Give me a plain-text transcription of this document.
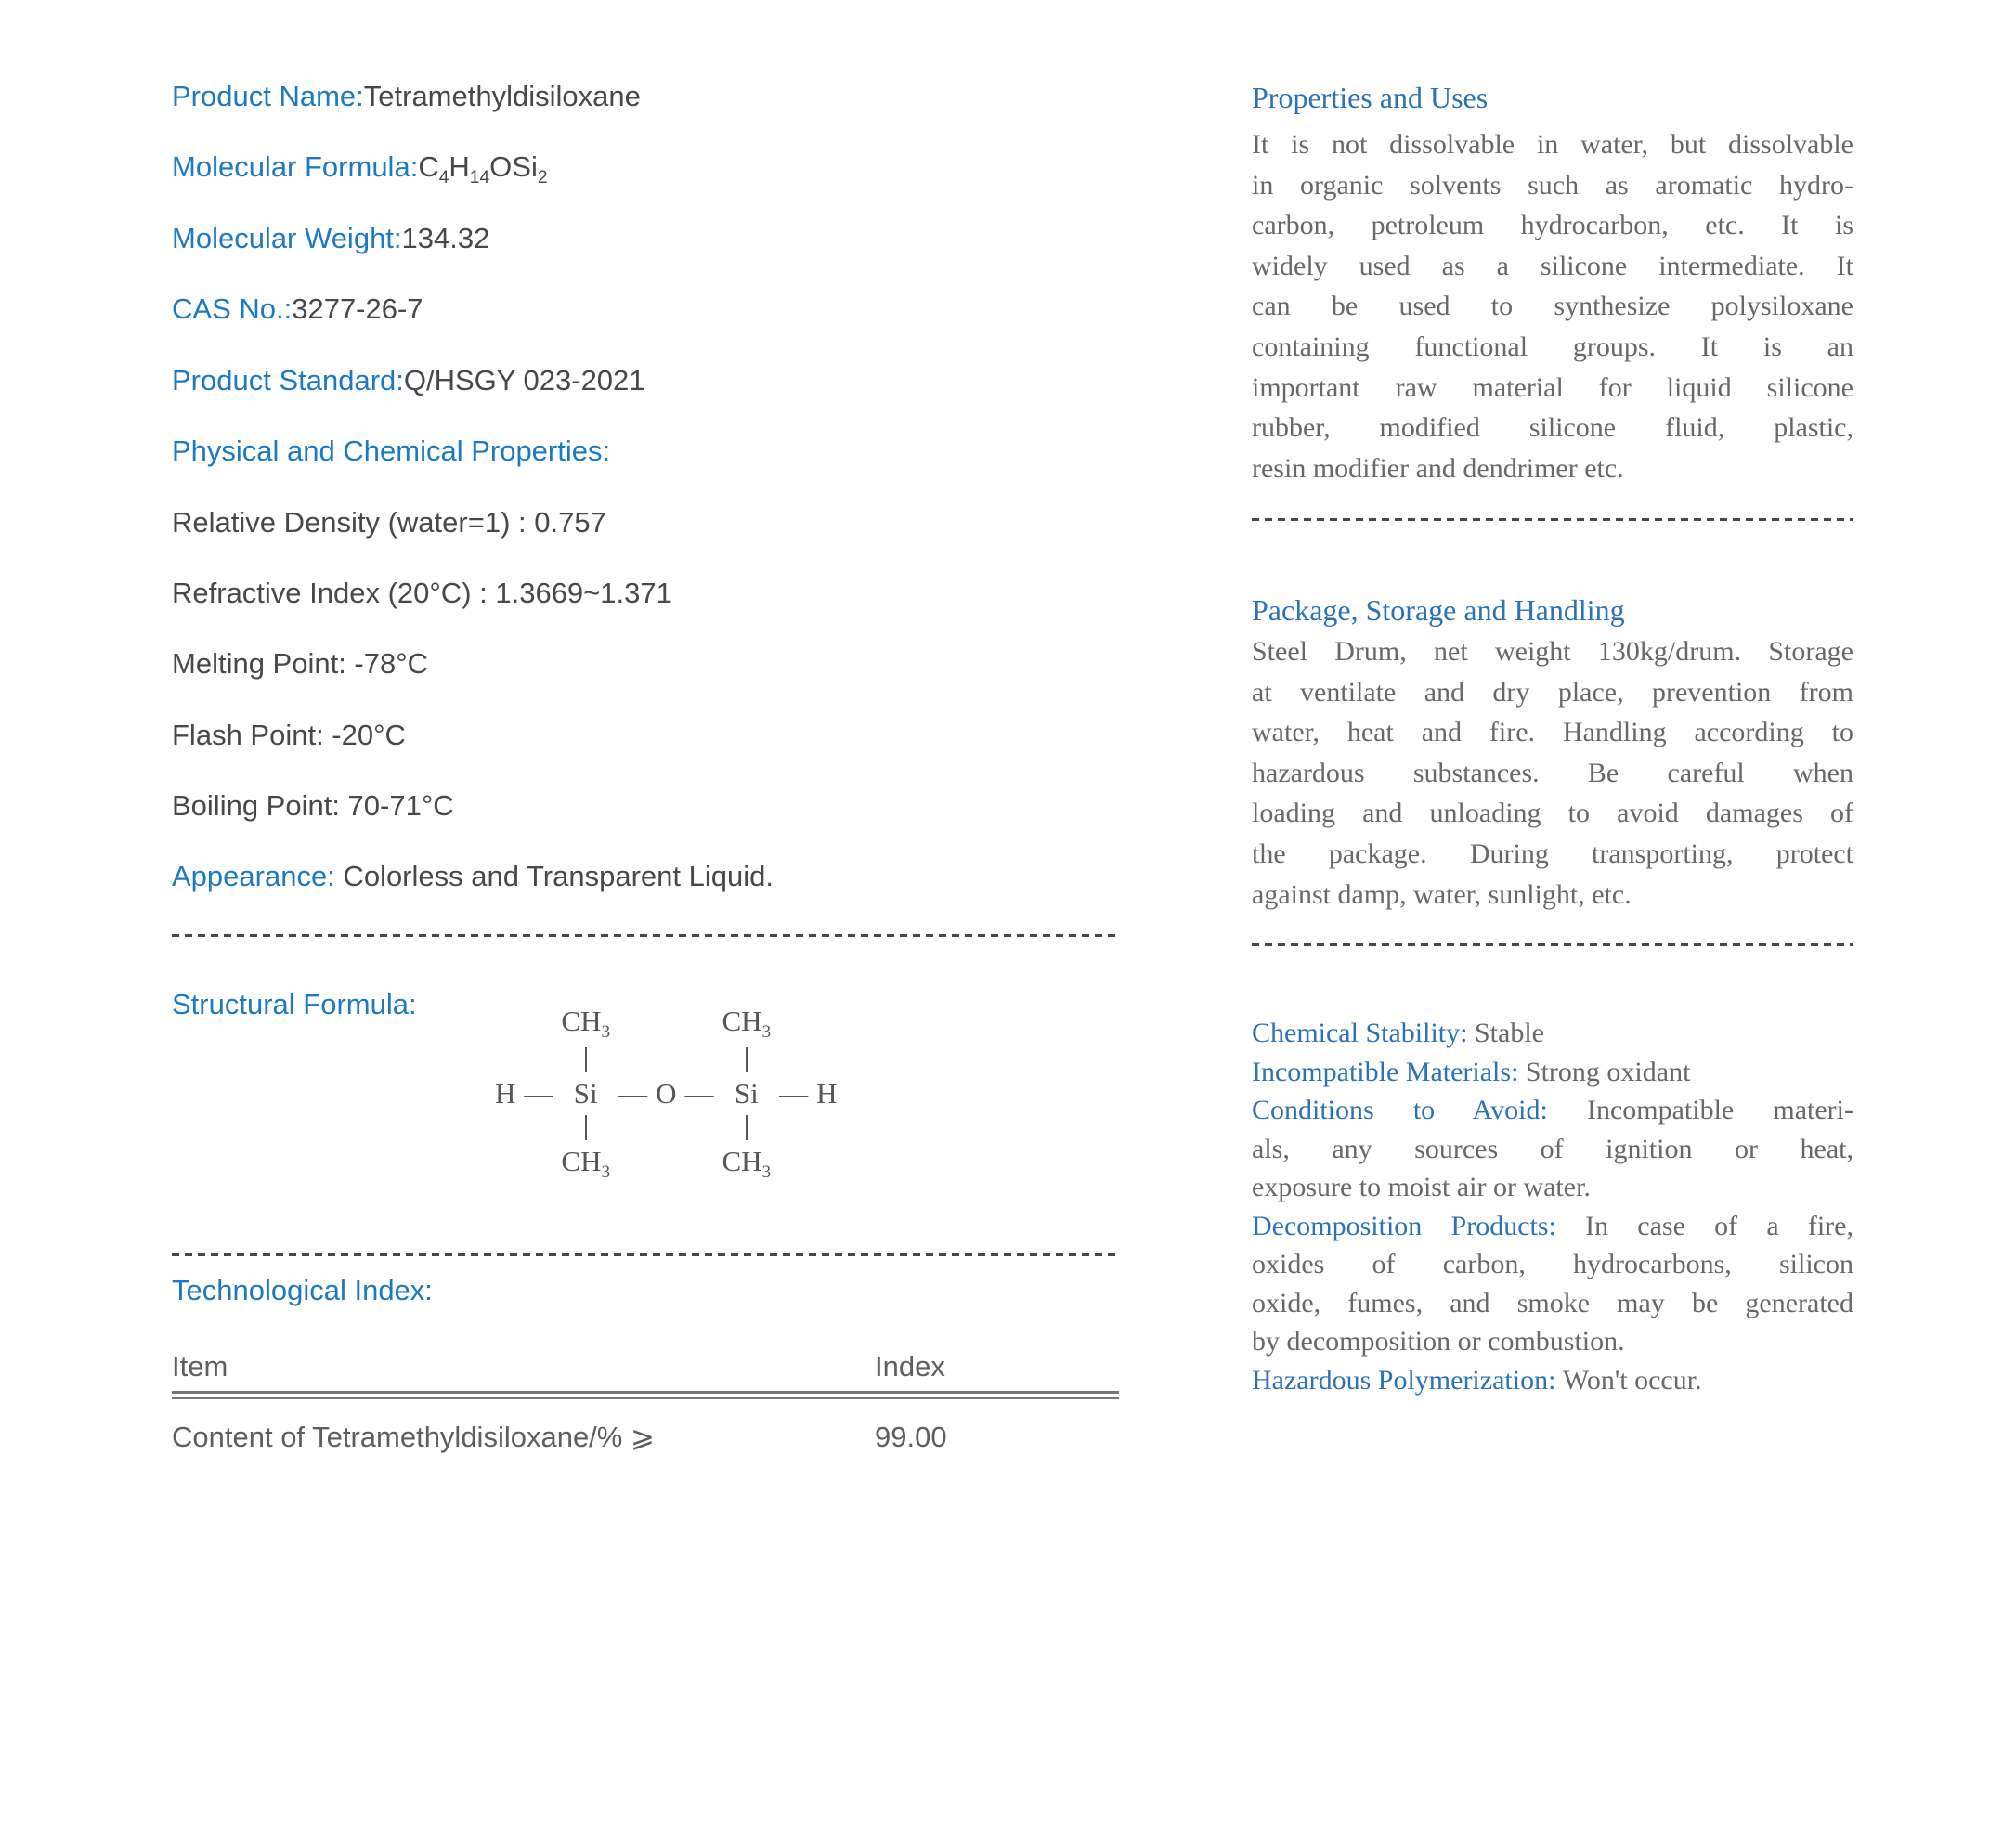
Product Name:Tetramethyldisiloxane

Molecular $Formula:C_4H_{14}OSi_2$

Molecular Weight:134.32

CAS No.:3277-26-7

Product Standard:Q/HSGY 023-2021

Physical and Chemical Properties:

Relative Density (water=1) : 0.757

Refractive Index (20°C) : 1.3669~1.371

Melting Point: -78°C

Flash Point: -20°C

Boiling Point: 70-71°C

Appearance: Colorless and Transparent Liquid.

Structural Formula:

H —
$CH_3$
Si
$CH_3$
— O —
$CH_3$
Si
$CH_3$
— H

Technological Index:

Item	Index
Content of Tetramethyldisiloxane/% ⩾	99.00
Properties and Uses
It is not dissolvable in water, but dissolvable
in organic solvents such as aromatic hydro-
carbon, petroleum hydrocarbon, etc. It is
widely used as a silicone intermediate. It
can be used to synthesize polysiloxane
containing functional groups. It is an
important raw material for liquid silicone
rubber, modified silicone fluid, plastic,
resin modifier and dendrimer etc.
Package, Storage and Handling
Steel Drum, net weight 130kg/drum. Storage
at ventilate and dry place, prevention from
water, heat and fire. Handling according to
hazardous substances. Be careful when
loading and unloading to avoid damages of
the package. During transporting, protect
against damp, water, sunlight, etc.
Chemical Stability: Stable
Incompatible Materials: Strong oxidant
Conditions to Avoid: Incompatible materi-
als, any sources of ignition or heat,
exposure to moist air or water.
Decomposition Products: In case of a fire,
oxides of carbon, hydrocarbons, silicon
oxide, fumes, and smoke may be generated
by decomposition or combustion.
Hazardous Polymerization: Won't occur.
